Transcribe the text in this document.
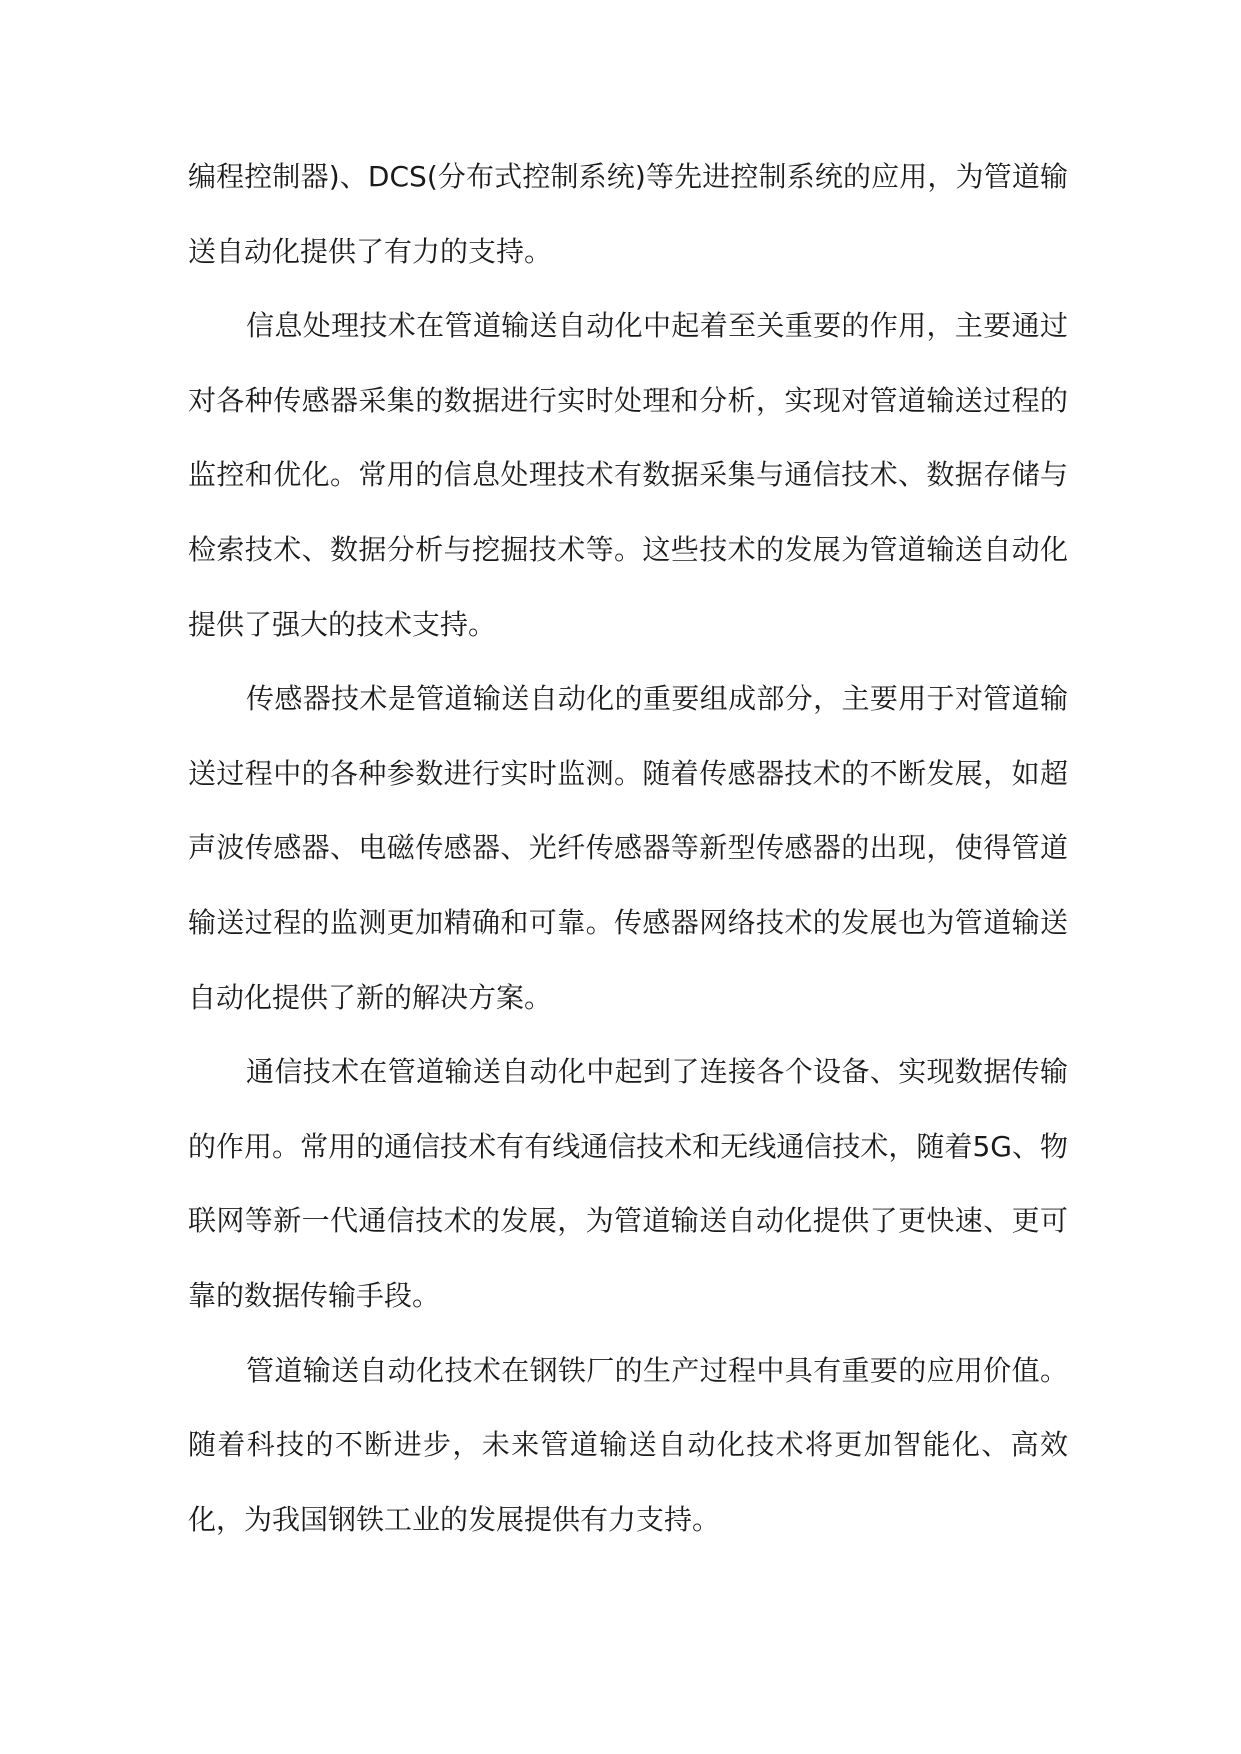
编程控制器)、DCS(分布式控制系统)等先进控制系统的应用，为管道输送自动化提供了有力的支持。

信息处理技术在管道输送自动化中起着至关重要的作用，主要通过对各种传感器采集的数据进行实时处理和分析，实现对管道输送过程的监控和优化。常用的信息处理技术有数据采集与通信技术、数据存储与检索技术、数据分析与挖掘技术等。这些技术的发展为管道输送自动化提供了强大的技术支持。

传感器技术是管道输送自动化的重要组成部分，主要用于对管道输送过程中的各种参数进行实时监测。随着传感器技术的不断发展，如超声波传感器、电磁传感器、光纤传感器等新型传感器的出现，使得管道输送过程的监测更加精确和可靠。传感器网络技术的发展也为管道输送自动化提供了新的解决方案。

通信技术在管道输送自动化中起到了连接各个设备、实现数据传输的作用。常用的通信技术有有线通信技术和无线通信技术，随着5G、物联网等新一代通信技术的发展，为管道输送自动化提供了更快速、更可靠的数据传输手段。

管道输送自动化技术在钢铁厂的生产过程中具有重要的应用价值。随着科技的不断进步，未来管道输送自动化技术将更加智能化、高效化，为我国钢铁工业的发展提供有力支持。
